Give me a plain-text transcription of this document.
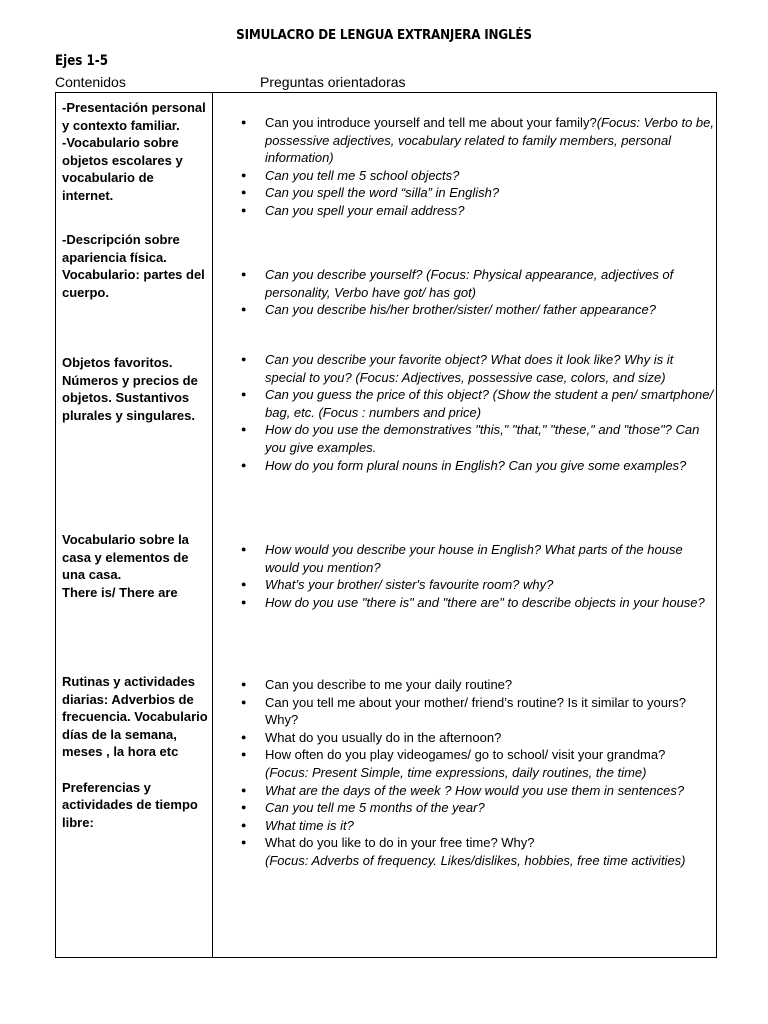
SIMULACRO DE LENGUA EXTRANJERA INGLÉS
Ejes 1-5
Contenidos	Preguntas orientadoras
-Presentación personal y contexto familiar.
-Vocabulario sobre objetos escolares y vocabulario de internet.
● Can you introduce yourself and tell me about your family?(Focus: Verbo to be, possessive adjectives, vocabulary related to family members, personal information)
● Can you tell me 5 school objects?
● Can you spell the word “silla” in English?
● Can you spell your email address?
-Descripción sobre apariencia física.
Vocabulario: partes del cuerpo.
● Can you describe yourself? (Focus: Physical appearance, adjectives of personality, Verbo have got/ has got)
● Can you describe his/her brother/sister/ mother/ father appearance?
Objetos favoritos. Números y precios de objetos. Sustantivos plurales y singulares.
● Can you describe your favorite object? What does it look like? Why is it special to you? (Focus: Adjectives, possessive case, colors, and size)
● Can you guess the price of this object? (Show the student a pen/ smartphone/ bag, etc. (Focus : numbers and price)
● How do you use the demonstratives "this," "that," "these," and "those"? Can you give examples.
● How do you form plural nouns in English? Can you give some examples?
Vocabulario sobre la casa y elementos de una casa.
There is/ There are
● How would you describe your house in English? What parts of the house would you mention?
● What’s your brother/ sister's favourite room? why?
● How do you use "there is" and "there are" to describe objects in your house?
Rutinas y actividades diarias: Adverbios de frecuencia. Vocabulario días de la semana, meses , la hora etc
Preferencias y actividades de tiempo libre:
● Can you describe to me your daily routine?
● Can you tell me about your mother/ friend’s routine? Is it similar to yours? Why?
● What do you usually do in the afternoon?
● How often do you play videogames/ go to school/ visit your grandma?
(Focus: Present Simple, time expressions, daily routines, the time)
● What are the days of the week ? How would you use them in sentences?
● Can you tell me 5 months of the year?
● What time is it?
● What do you like to do in your free time? Why?
(Focus: Adverbs of frequency. Likes/dislikes, hobbies, free time activities)
